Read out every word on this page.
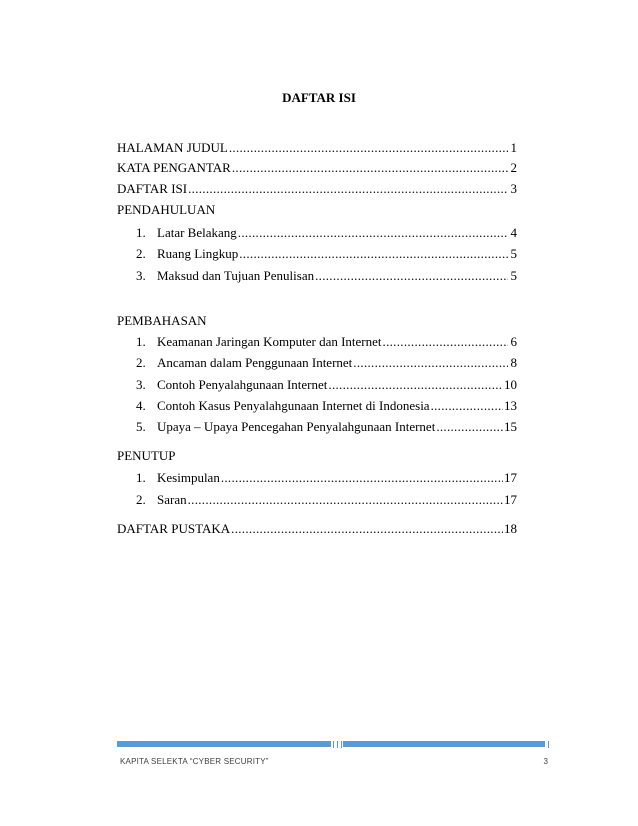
DAFTAR ISI
HALAMAN JUDUL .....	1
KATA PENGANTAR .....	2
DAFTAR ISI .....	3
PENDAHULUAN
1. Latar Belakang .....	4
2. Ruang Lingkup .....	5
3. Maksud dan Tujuan Penulisan .....	5
PEMBAHASAN
1. Keamanan Jaringan Komputer dan Internet .....	6
2. Ancaman dalam Penggunaan Internet .....	8
3. Contoh Penyalahgunaan Internet .....	10
4. Contoh Kasus Penyalahgunaan Internet di Indonesia .....	13
5. Upaya – Upaya Pencegahan Penyalahgunaan Internet .....	15
PENUTUP
1. Kesimpulan .....	17
2. Saran .....	17
DAFTAR PUSTAKA .....	18
KAPITA SELEKTA “CYBER SECURITY”	3
